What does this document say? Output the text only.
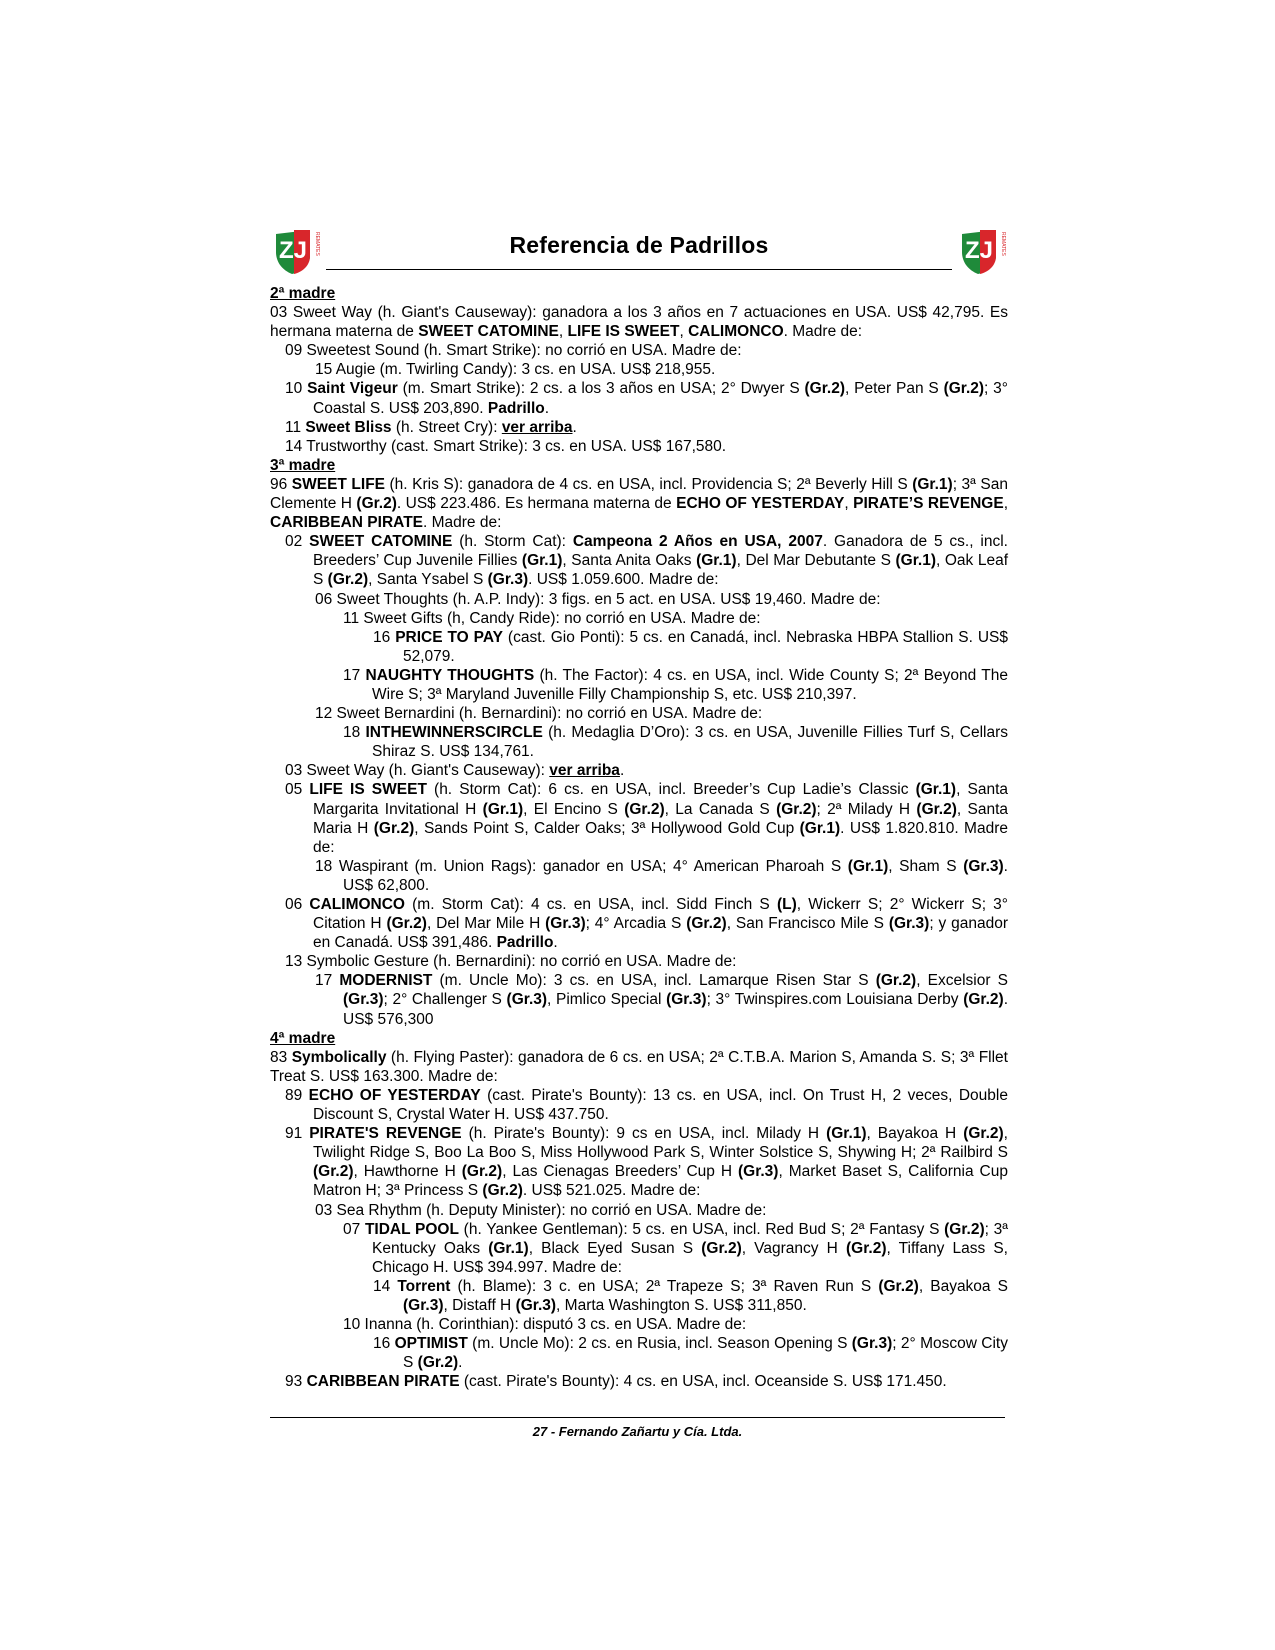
ZJ REMATES	Referencia de Padrillos	ZJ REMATES

2ª madre

03 Sweet Way (h. Giant's Causeway): ganadora a los 3 años en 7 actuaciones en USA. US$ 42,795. Es hermana materna de SWEET CATOMINE, LIFE IS SWEET, CALIMONCO. Madre de:

09 Sweetest Sound (h. Smart Strike): no corrió en USA. Madre de:

15 Augie (m. Twirling Candy): 3 cs. en USA. US$ 218,955.

10 Saint Vigeur (m. Smart Strike): 2 cs. a los 3 años en USA; 2° Dwyer S (Gr.2), Peter Pan S (Gr.2); 3° Coastal S. US$ 203,890. Padrillo.

11 Sweet Bliss (h. Street Cry): ver arriba.

14 Trustworthy (cast. Smart Strike): 3 cs. en USA. US$ 167,580.

3ª madre

96 SWEET LIFE (h. Kris S): ganadora de 4 cs. en USA, incl. Providencia S; 2ª Beverly Hill S (Gr.1); 3ª San Clemente H (Gr.2). US$ 223.486. Es hermana materna de ECHO OF YESTERDAY, PIRATE’S REVENGE, CARIBBEAN PIRATE. Madre de:

02 SWEET CATOMINE (h. Storm Cat): Campeona 2 Años en USA, 2007. Ganadora de 5 cs., incl. Breeders’ Cup Juvenile Fillies (Gr.1), Santa Anita Oaks (Gr.1), Del Mar Debutante S (Gr.1), Oak Leaf S (Gr.2), Santa Ysabel S (Gr.3). US$ 1.059.600. Madre de:

06 Sweet Thoughts (h. A.P. Indy): 3 figs. en 5 act. en USA. US$ 19,460. Madre de:

11 Sweet Gifts (h, Candy Ride): no corrió en USA. Madre de:

16 PRICE TO PAY (cast. Gio Ponti): 5 cs. en Canadá, incl. Nebraska HBPA Stallion S. US$ 52,079.

17 NAUGHTY THOUGHTS (h. The Factor): 4 cs. en USA, incl. Wide County S; 2ª Beyond The Wire S; 3ª Maryland Juvenille Filly Championship S, etc. US$ 210,397.

12 Sweet Bernardini (h. Bernardini): no corrió en USA. Madre de:

18 INTHEWINNERSCIRCLE (h. Medaglia D’Oro): 3 cs. en USA, Juvenille Fillies Turf S, Cellars Shiraz S. US$ 134,761.

03 Sweet Way (h. Giant's Causeway): ver arriba.

05 LIFE IS SWEET (h. Storm Cat): 6 cs. en USA, incl. Breeder’s Cup Ladie’s Classic (Gr.1), Santa Margarita Invitational H (Gr.1), El Encino S (Gr.2), La Canada S (Gr.2); 2ª Milady H (Gr.2), Santa Maria H (Gr.2), Sands Point S, Calder Oaks; 3ª Hollywood Gold Cup (Gr.1). US$ 1.820.810. Madre de:

18 Waspirant (m. Union Rags): ganador en USA; 4° American Pharoah S (Gr.1), Sham S (Gr.3). US$ 62,800.

06 CALIMONCO (m. Storm Cat): 4 cs. en USA, incl. Sidd Finch S (L), Wickerr S; 2° Wickerr S; 3° Citation H (Gr.2), Del Mar Mile H (Gr.3); 4° Arcadia S (Gr.2), San Francisco Mile S (Gr.3); y ganador en Canadá. US$ 391,486. Padrillo.

13 Symbolic Gesture (h. Bernardini): no corrió en USA. Madre de:

17 MODERNIST (m. Uncle Mo): 3 cs. en USA, incl. Lamarque Risen Star S (Gr.2), Excelsior S (Gr.3); 2° Challenger S (Gr.3), Pimlico Special (Gr.3); 3° Twinspires.com Louisiana Derby (Gr.2). US$ 576,300

4ª madre

83 Symbolically (h. Flying Paster): ganadora de 6 cs. en USA; 2ª C.T.B.A. Marion S, Amanda S. S; 3ª Fllet Treat S. US$ 163.300. Madre de:

89 ECHO OF YESTERDAY (cast. Pirate's Bounty): 13 cs. en USA, incl. On Trust H, 2 veces, Double Discount S, Crystal Water H. US$ 437.750.

91 PIRATE'S REVENGE (h. Pirate's Bounty): 9 cs en USA, incl. Milady H (Gr.1), Bayakoa H (Gr.2), Twilight Ridge S, Boo La Boo S, Miss Hollywood Park S, Winter Solstice S, Shywing H; 2ª Railbird S (Gr.2), Hawthorne H (Gr.2), Las Cienagas Breeders’ Cup H (Gr.3), Market Baset S, California Cup Matron H; 3ª Princess S (Gr.2). US$ 521.025. Madre de:

03 Sea Rhythm (h. Deputy Minister): no corrió en USA. Madre de:

07 TIDAL POOL (h. Yankee Gentleman): 5 cs. en USA, incl. Red Bud S; 2ª Fantasy S (Gr.2); 3ª Kentucky Oaks (Gr.1), Black Eyed Susan S (Gr.2), Vagrancy H (Gr.2), Tiffany Lass S, Chicago H. US$ 394.997. Madre de:

14 Torrent (h. Blame): 3 c. en USA; 2ª Trapeze S; 3ª Raven Run S (Gr.2), Bayakoa S (Gr.3), Distaff H (Gr.3), Marta Washington S. US$ 311,850.

10 Inanna (h. Corinthian): disputó 3 cs. en USA. Madre de:

16 OPTIMIST (m. Uncle Mo): 2 cs. en Rusia, incl. Season Opening S (Gr.3); 2° Moscow City S (Gr.2).

93 CARIBBEAN PIRATE (cast. Pirate's Bounty): 4 cs. en USA, incl. Oceanside S. US$ 171.450.

27 - Fernando Zañartu y Cía. Ltda.
